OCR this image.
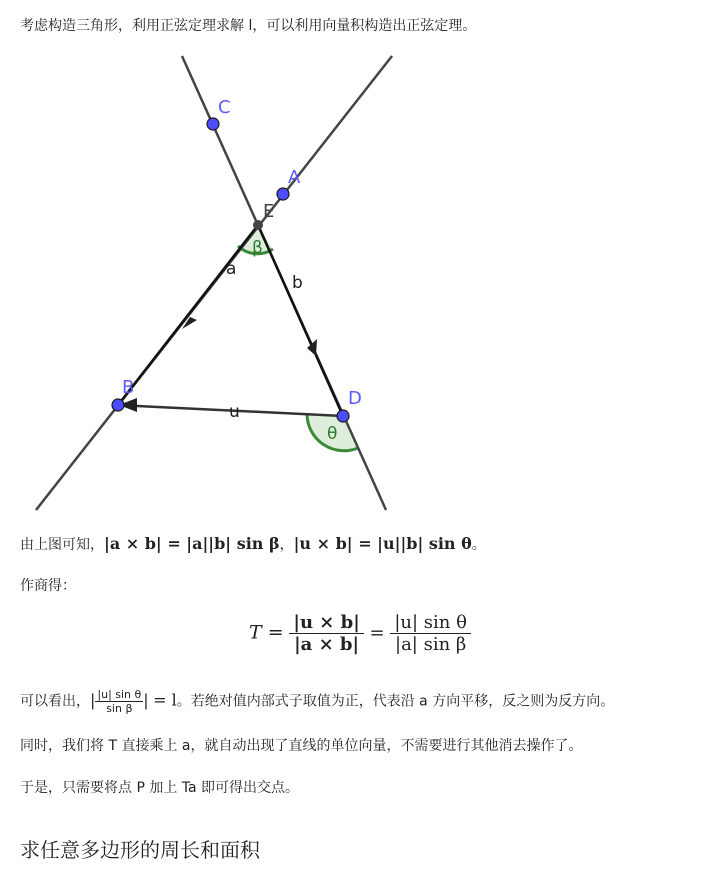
考虑构造三角形，利用正弦定理求解 l，可以利用向量积构造出正弦定理。
C
A
E
B
D
a
b
u
β
θ
由上图可知，|a × b| = |a||b| sin β，|u × b| = |u||b| sin θ。
作商得：
$T = \frac{|u \times b|}{|a \times b|} = \frac{\text{|u| sin θ}}{\text{|a| sin β}}$
可以看出，| $\frac{\text{|u| sin θ}}{\text{sin β}}$ | = l。若绝对值内部式子取值为正，代表沿 a 方向平移，反之则为反方向。
同时，我们将 T 直接乘上 a，就自动出现了直线的单位向量，不需要进行其他消去操作了。
于是，只需要将点 P 加上 Ta 即可得出交点。
求任意多边形的周长和面积
